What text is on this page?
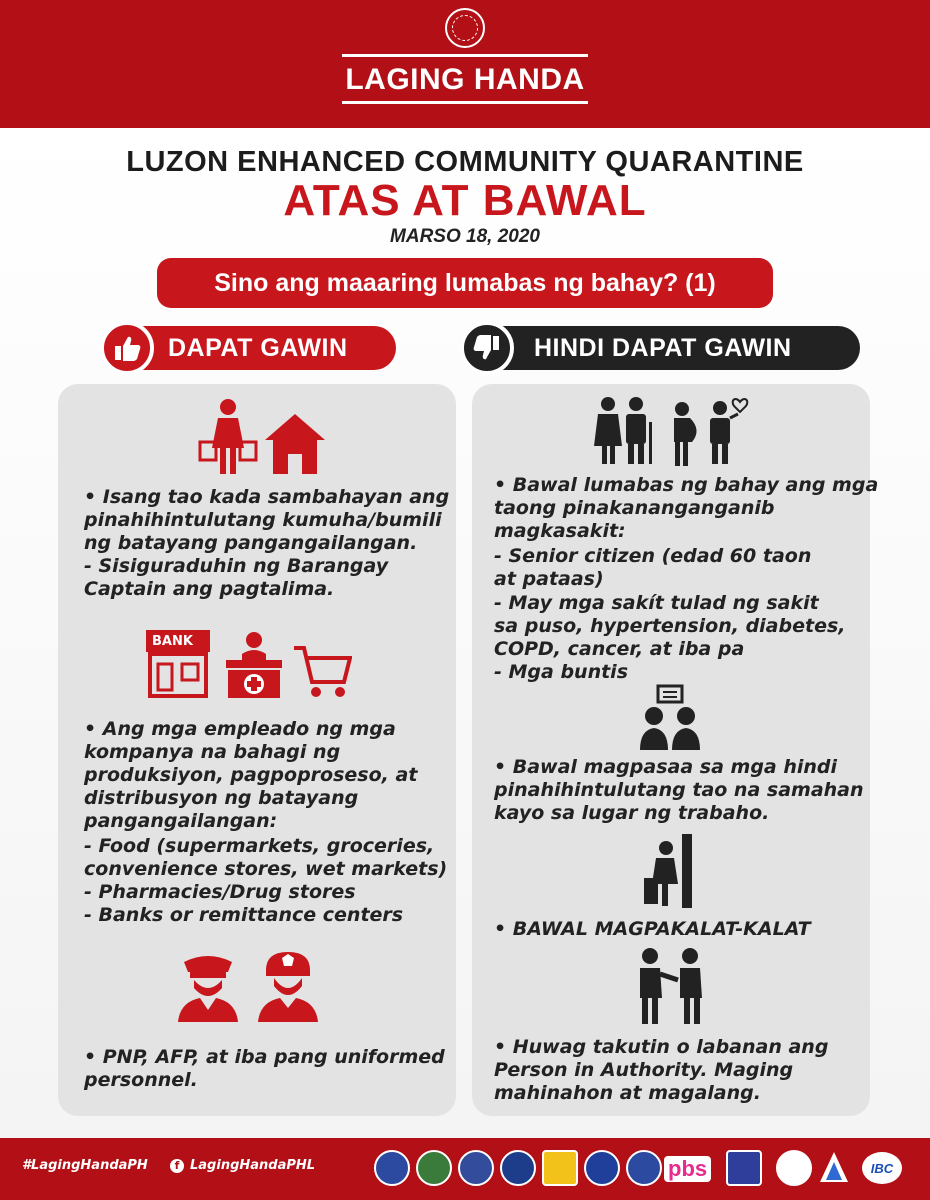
LAGING HANDA
LUZON ENHANCED COMMUNITY QUARANTINE
ATAS AT BAWAL
MARSO 18, 2020
Sino ang maaaring lumabas ng bahay? (1)
DAPAT GAWIN	HINDI DAPAT GAWIN
BANK
• Isang tao kada sambahayan ang
pinahihintulutang kumuha/bumili
ng batayang pangangailangan.
- Sisiguraduhin ng Barangay
Captain ang pagtalima.
• Ang mga empleado ng mga
kompanya na bahagi ng
produksiyon, pagpoproseso, at
distribusyon ng batayang
pangangailangan:
- Food (supermarkets, groceries,
convenience stores, wet markets)
- Pharmacies/Drug stores
- Banks or remittance centers
• PNP, AFP, at iba pang uniformed
personnel.
• Bawal lumabas ng bahay ang mga
taong pinakananganganib
magkasakit:
- Senior citizen (edad 60 taon
at pataas)
- May mga sakít tulad ng sakit
sa puso, hypertension, diabetes,
COPD, cancer, at iba pa
- Mga buntis
• Bawal magpasaa sa mga hindi
pinahihintulutang tao na samahan
kayo sa lugar ng trabaho.
• BAWAL MAGPAKALAT-KALAT
• Huwag takutin o labanan ang
Person in Authority. Maging
mahinahon at magalang.
#LagingHandaPH	f LagingHandaPHL	pbs	IBC
